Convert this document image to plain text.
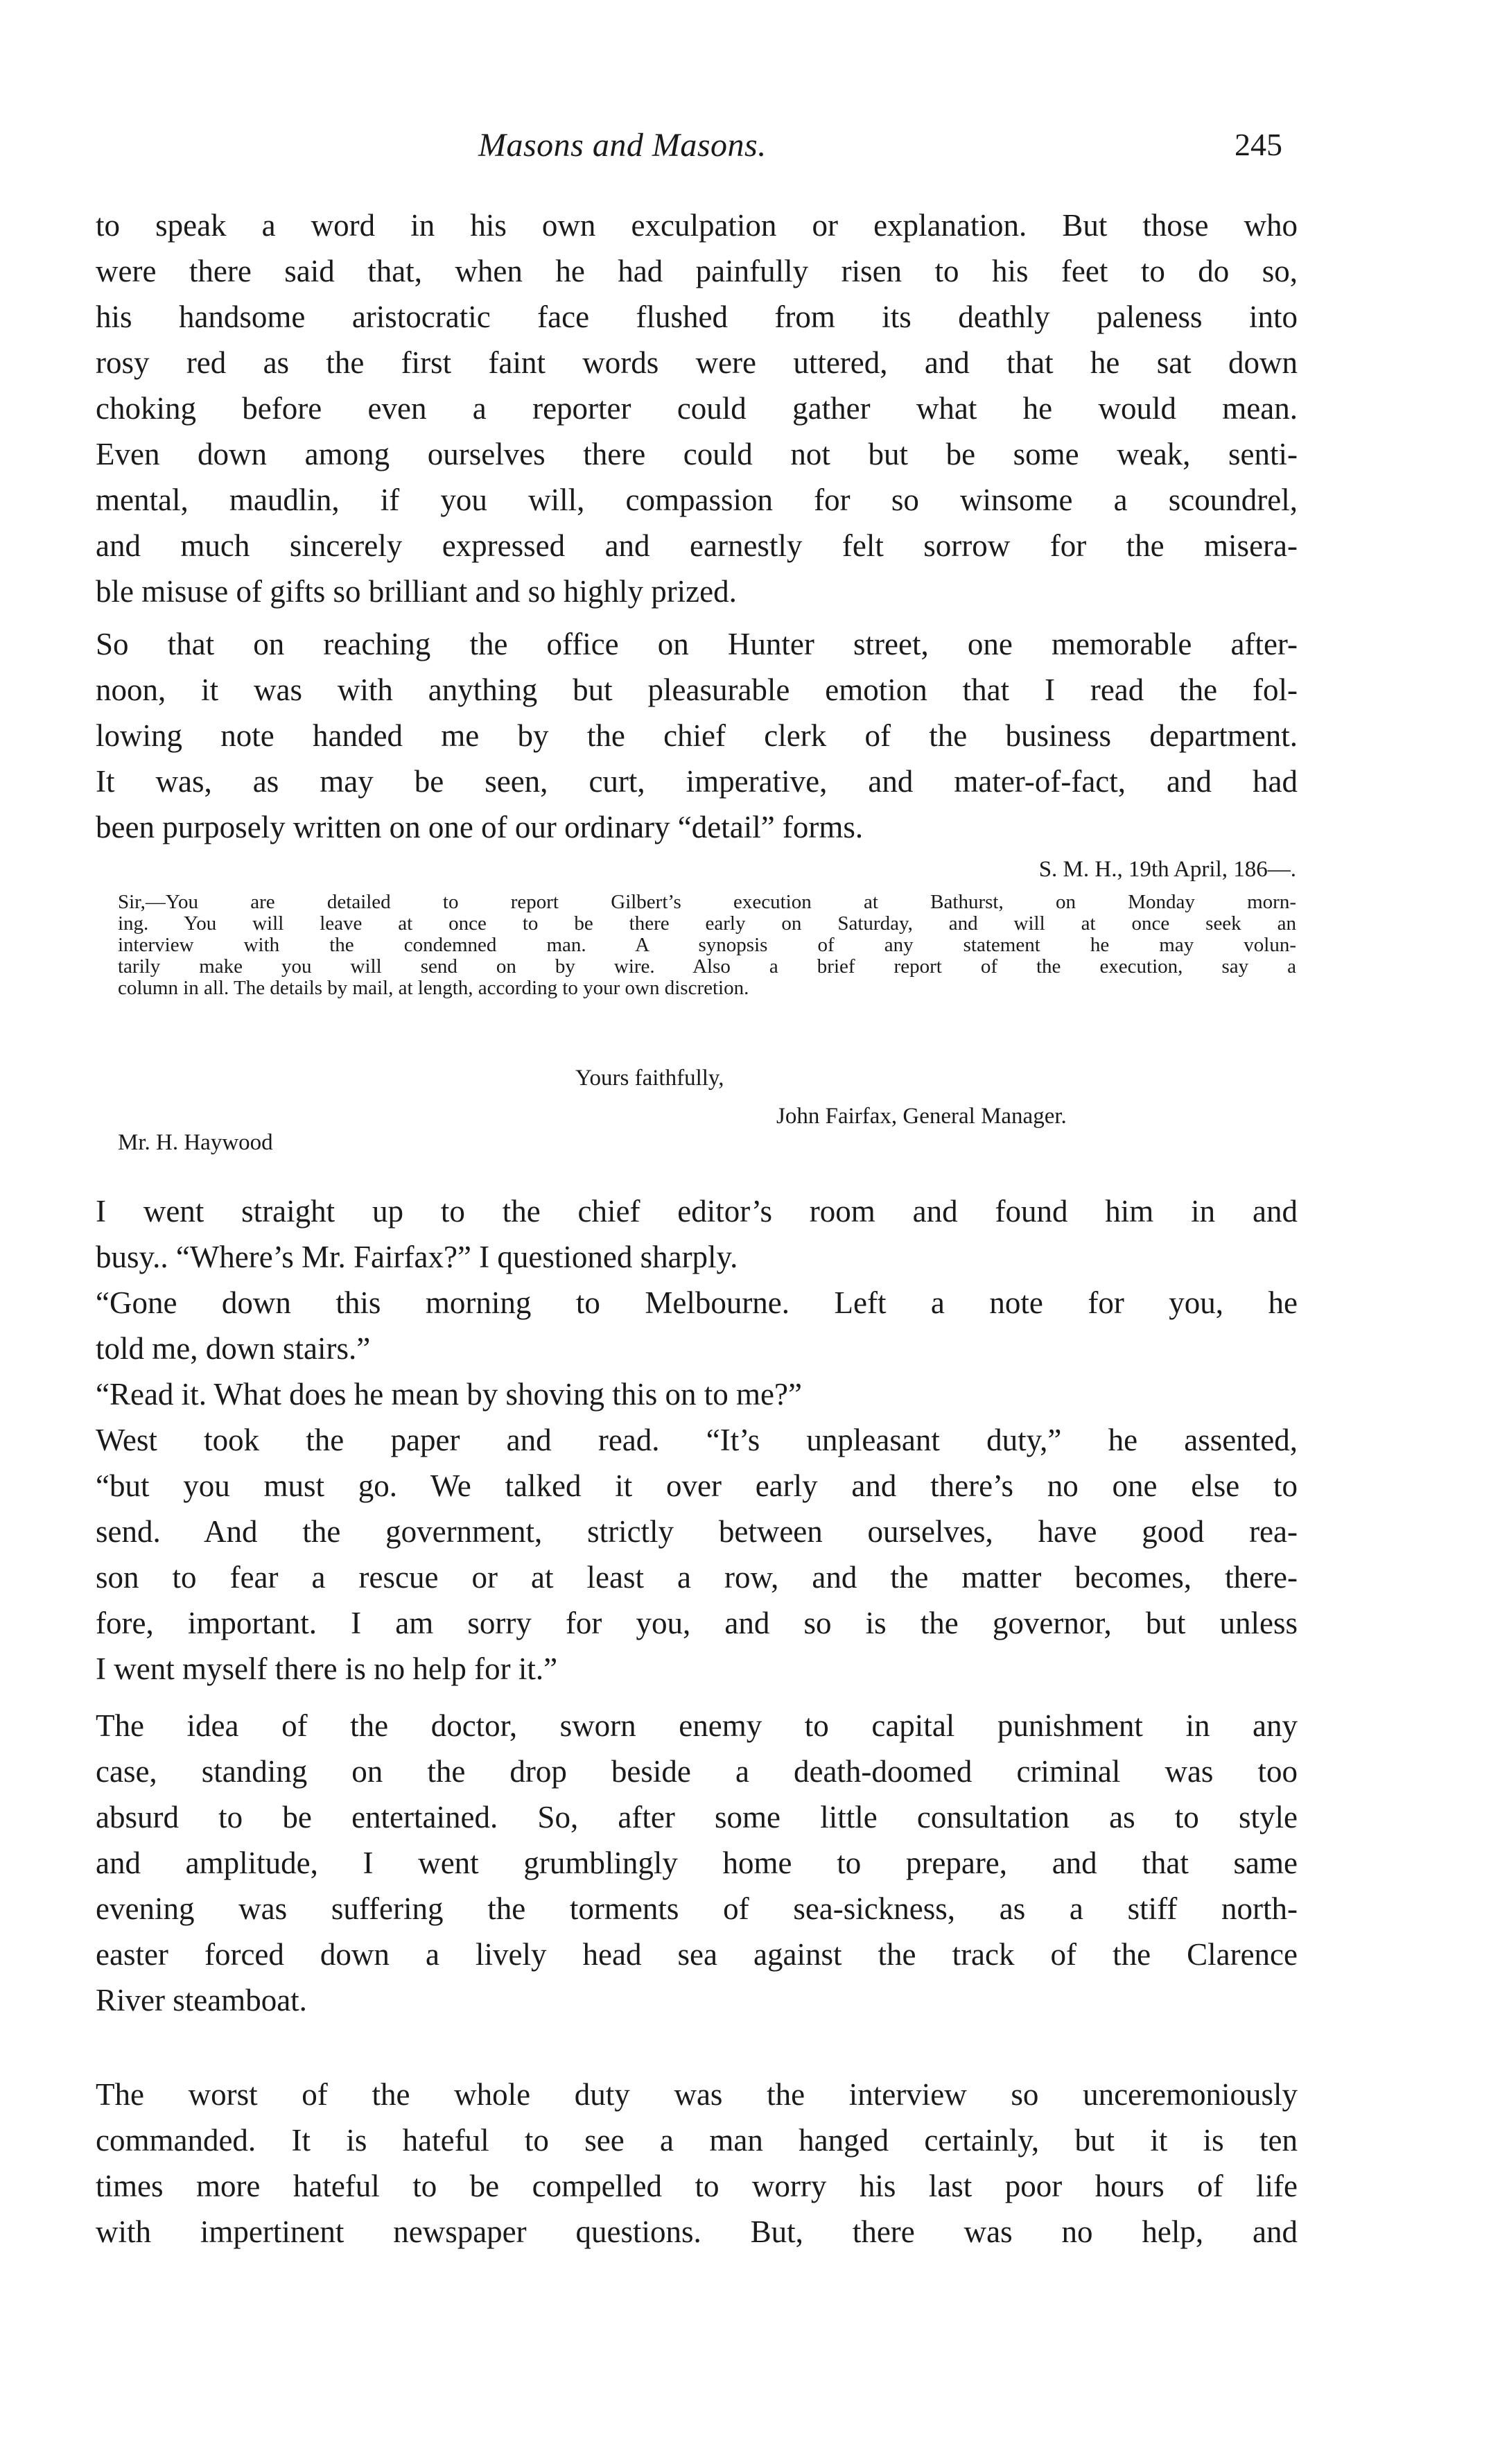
Masons and Masons.	245
to speak a word in his own exculpation or explanation. But those who
were there said that, when he had painfully risen to his feet to do so,
his handsome aristocratic face flushed from its deathly paleness into
rosy red as the first faint words were uttered, and that he sat down
choking before even a reporter could gather what he would mean.
Even down among ourselves there could not but be some weak, senti-
mental, maudlin, if you will, compassion for so winsome a scoundrel,
and much sincerely expressed and earnestly felt sorrow for the misera-
ble misuse of gifts so brilliant and so highly prized.
So that on reaching the office on Hunter street, one memorable after-
noon, it was with anything but pleasurable emotion that I read the fol-
lowing note handed me by the chief clerk of the business department.
It was, as may be seen, curt, imperative, and mater-of-fact, and had
been purposely written on one of our ordinary “detail” forms.
S. M. H., 19th April, 186—.
Sir,—You are detailed to report Gilbert’s execution at Bathurst, on Monday morn-
ing. You will leave at once to be there early on Saturday, and will at once seek an
interview with the condemned man. A synopsis of any statement he may volun-
tarily make you will send on by wire. Also a brief report of the execution, say a
column in all. The details by mail, at length, according to your own discretion.
Yours faithfully,
John Fairfax, General Manager.
Mr. H. Haywood
I went straight up to the chief editor’s room and found him in and
busy.. “Where’s Mr. Fairfax?” I questioned sharply.
“Gone down this morning to Melbourne. Left a note for you, he
told me, down stairs.”
“Read it. What does he mean by shoving this on to me?”
West took the paper and read. “It’s unpleasant duty,” he assented,
“but you must go. We talked it over early and there’s no one else to
send. And the government, strictly between ourselves, have good rea-
son to fear a rescue or at least a row, and the matter becomes, there-
fore, important. I am sorry for you, and so is the governor, but unless
I went myself there is no help for it.”
The idea of the doctor, sworn enemy to capital punishment in any
case, standing on the drop beside a death-doomed criminal was too
absurd to be entertained. So, after some little consultation as to style
and amplitude, I went grumblingly home to prepare, and that same
evening was suffering the torments of sea-sickness, as a stiff north-
easter forced down a lively head sea against the track of the Clarence
River steamboat.
The worst of the whole duty was the interview so unceremoniously
commanded. It is hateful to see a man hanged certainly, but it is ten
times more hateful to be compelled to worry his last poor hours of life
with impertinent newspaper questions. But, there was no help, and
